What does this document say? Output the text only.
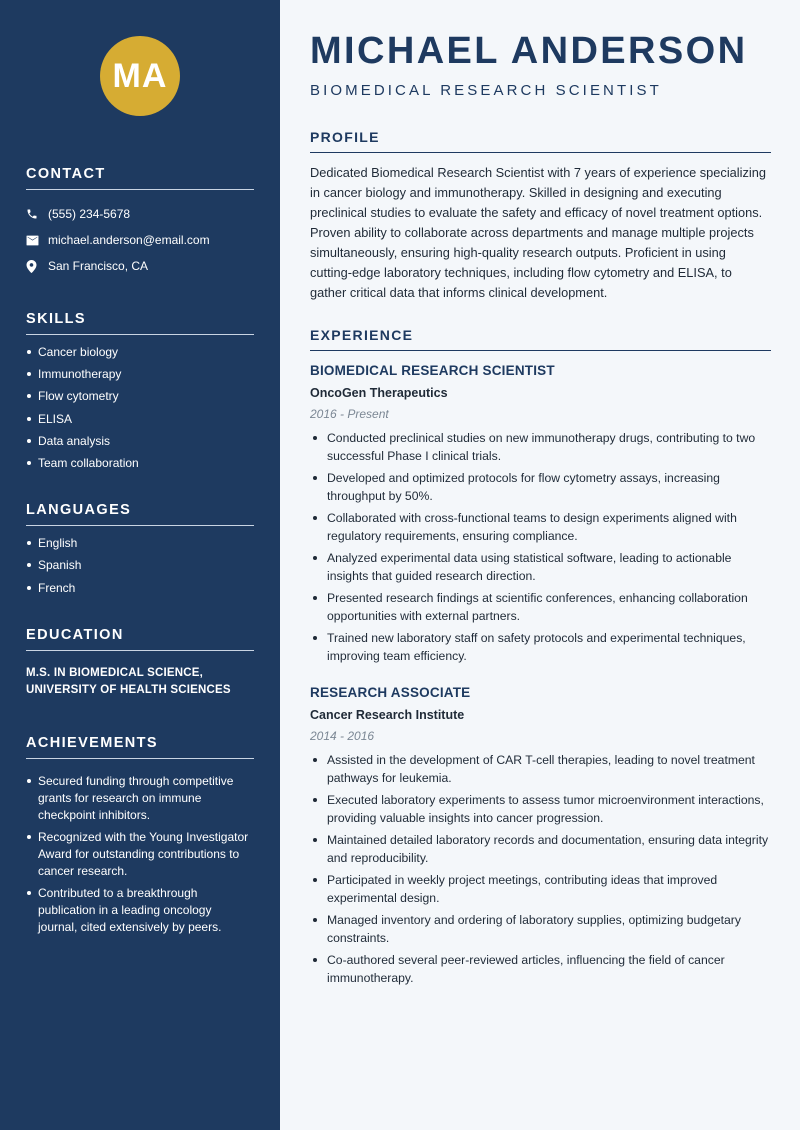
MA
CONTACT
(555) 234-5678
michael.anderson@email.com
San Francisco, CA
SKILLS
Cancer biology
Immunotherapy
Flow cytometry
ELISA
Data analysis
Team collaboration
LANGUAGES
English
Spanish
French
EDUCATION
M.S. IN BIOMEDICAL SCIENCE,
UNIVERSITY OF HEALTH SCIENCES
ACHIEVEMENTS
Secured funding through competitive grants for research on immune checkpoint inhibitors.
Recognized with the Young Investigator Award for outstanding contributions to cancer research.
Contributed to a breakthrough publication in a leading oncology journal, cited extensively by peers.
MICHAEL ANDERSON
BIOMEDICAL RESEARCH SCIENTIST
PROFILE

Dedicated Biomedical Research Scientist with 7 years of experience specializing in cancer biology and immunotherapy. Skilled in designing and executing preclinical studies to evaluate the safety and efficacy of novel treatment options. Proven ability to collaborate across departments and manage multiple projects simultaneously, ensuring high-quality research outputs. Proficient in using cutting-edge laboratory techniques, including flow cytometry and ELISA, to gather critical data that informs clinical development.

EXPERIENCE
BIOMEDICAL RESEARCH SCIENTIST
OncoGen Therapeutics
2016 - Present
Conducted preclinical studies on new immunotherapy drugs, contributing to two successful Phase I clinical trials.
Developed and optimized protocols for flow cytometry assays, increasing throughput by 50%.
Collaborated with cross-functional teams to design experiments aligned with regulatory requirements, ensuring compliance.
Analyzed experimental data using statistical software, leading to actionable insights that guided research direction.
Presented research findings at scientific conferences, enhancing collaboration opportunities with external partners.
Trained new laboratory staff on safety protocols and experimental techniques, improving team efficiency.
RESEARCH ASSOCIATE
Cancer Research Institute
2014 - 2016
Assisted in the development of CAR T-cell therapies, leading to novel treatment pathways for leukemia.
Executed laboratory experiments to assess tumor microenvironment interactions, providing valuable insights into cancer progression.
Maintained detailed laboratory records and documentation, ensuring data integrity and reproducibility.
Participated in weekly project meetings, contributing ideas that improved experimental design.
Managed inventory and ordering of laboratory supplies, optimizing budgetary constraints.
Co-authored several peer-reviewed articles, influencing the field of cancer immunotherapy.
